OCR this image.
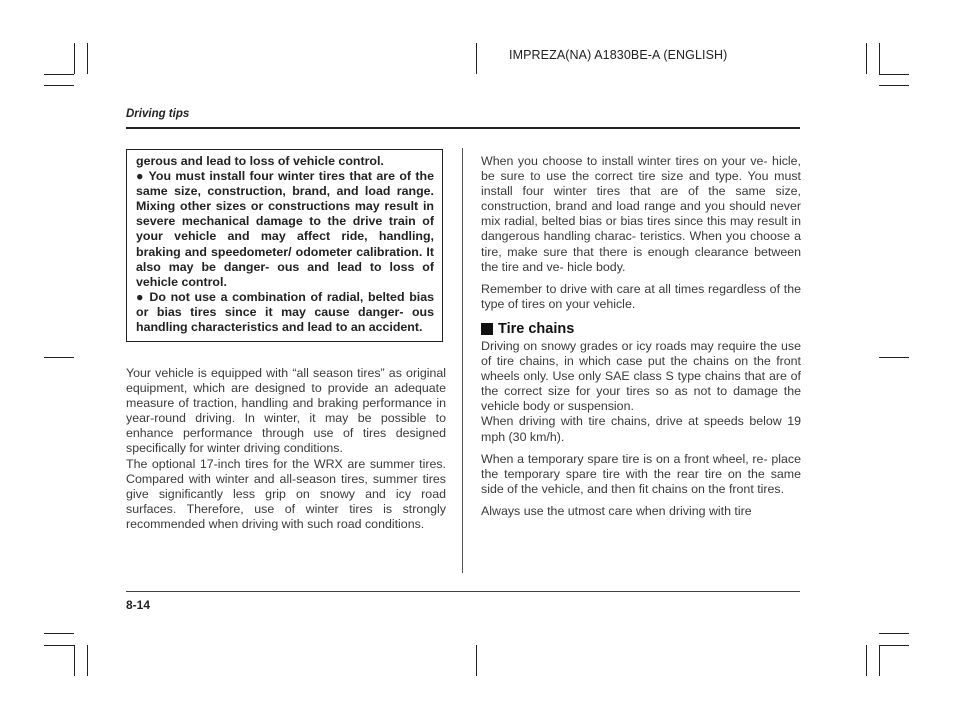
IMPREZA(NA) A1830BE-A (ENGLISH)
Driving tips

gerous and lead to loss of vehicle control.

● You must install four winter tires that are of the same size, construction, brand, and load range. Mixing other sizes or constructions may result in severe mechanical damage to the drive train of your vehicle and may affect ride, handling, braking and speedometer/ odometer calibration. It also may be danger- ous and lead to loss of vehicle control.

● Do not use a combination of radial, belted bias or bias tires since it may cause danger- ous handling characteristics and lead to an accident.

Your vehicle is equipped with “all season tires” as original equipment, which are designed to provide an adequate measure of traction, handling and braking performance in year-round driving. In winter, it may be possible to enhance performance through use of tires designed specifically for winter driving conditions.

The optional 17-inch tires for the WRX are summer tires. Compared with winter and all-season tires, summer tires give significantly less grip on snowy and icy road surfaces. Therefore, use of winter tires is strongly recommended when driving with such road conditions.

When you choose to install winter tires on your ve- hicle, be sure to use the correct tire size and type. You must install four winter tires that are of the same size, construction, brand and load range and you should never mix radial, belted bias or bias tires since this may result in dangerous handling charac- teristics. When you choose a tire, make sure that there is enough clearance between the tire and ve- hicle body.

Remember to drive with care at all times regardless of the type of tires on your vehicle.

Tire chains

Driving on snowy grades or icy roads may require the use of tire chains, in which case put the chains on the front wheels only. Use only SAE class S type chains that are of the correct size for your tires so as not to damage the vehicle body or suspension.

When driving with tire chains, drive at speeds below 19 mph (30 km/h).

When a temporary spare tire is on a front wheel, re- place the temporary spare tire with the rear tire on the same side of the vehicle, and then fit chains on the front tires.

Always use the utmost care when driving with tire

8-14
